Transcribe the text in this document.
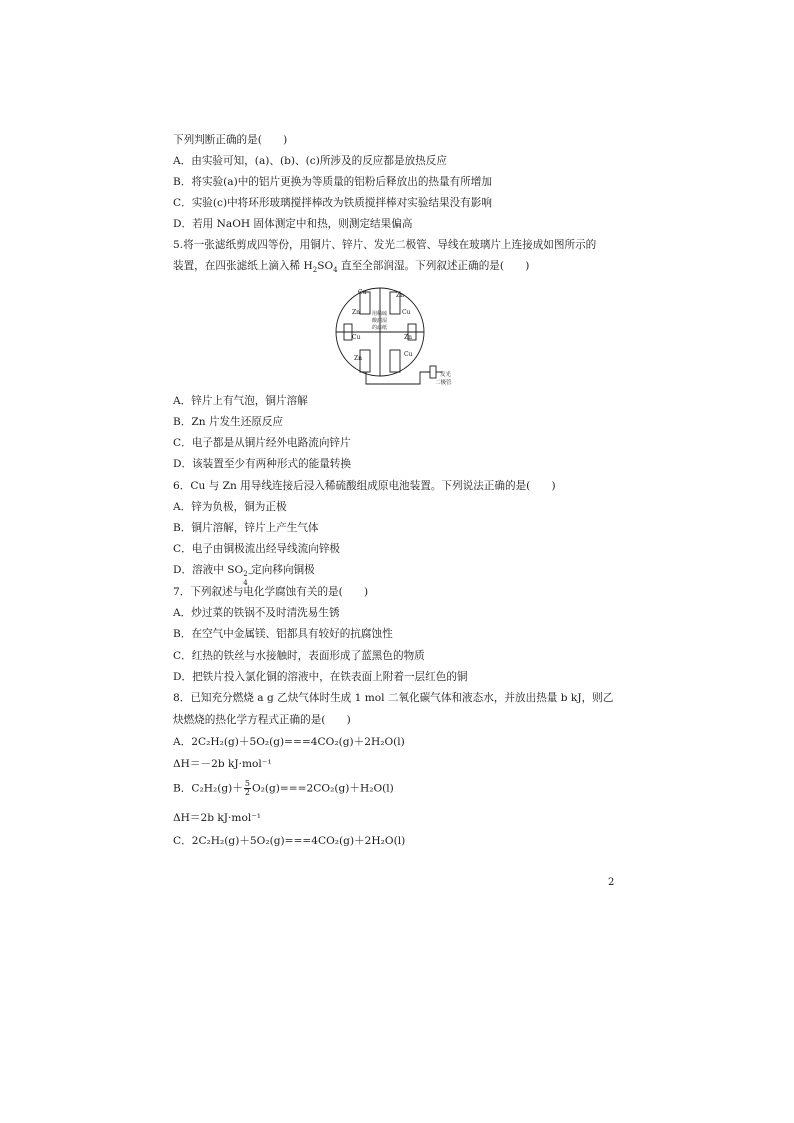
下列判断正确的是(　　)
A．由实验可知，(a)、(b)、(c)所涉及的反应都是放热反应
B．将实验(a)中的铝片更换为等质量的铝粉后释放出的热量有所增加
C．实验(c)中将环形玻璃搅拌棒改为铁质搅拌棒对实验结果没有影响
D．若用 NaOH 固体测定中和热，则测定结果偏高
5.将一张滤纸剪成四等份，用铜片、锌片、发光二极管、导线在玻璃片上连接成如图所示的
装置，在四张滤纸上滴入稀 $H_2SO_4$ 直至全部润湿。下列叙述正确的是(　　)
Cu	Zn
Zn	Cu
Cu	Zn
Zn
Cu
用稀硫
酸润湿
的滤纸
发光
二极管
A．锌片上有气泡，铜片溶解
B．Zn 片发生还原反应
C．电子都是从铜片经外电路流向锌片
D．该装置至少有两种形式的能量转换
6．Cu 与 Zn 用导线连接后浸入稀硫酸组成原电池装置。下列说法正确的是(　　)
A．锌为负极，铜为正极
B．铜片溶解，锌片上产生气体
C．电子由铜极流出经导线流向锌极
D．溶液中 SO 2−
4
定向移向铜极
7．下列叙述与电化学腐蚀有关的是(　　)
A．炒过菜的铁锅不及时清洗易生锈
B．在空气中金属镁、铝都具有较好的抗腐蚀性
C．红热的铁丝与水接触时，表面形成了蓝黑色的物质
D．把铁片投入氯化铜的溶液中，在铁表面上附着一层红色的铜
8．已知充分燃烧 a g 乙炔气体时生成 1 mol 二氧化碳气体和液态水，并放出热量 b kJ，则乙
炔燃烧的热化学方程式正确的是(　　)
A．2C₂H₂(g)＋5O₂(g)===4CO₂(g)＋2H₂O(l)
ΔH＝－2b kJ·mol⁻¹
B．$C_2H_2(g)+ \frac{5}{2} O_2(g)===2CO_2(g)+H_2O(l)$
ΔH＝2b kJ·mol⁻¹
C．2C₂H₂(g)＋5O₂(g)===4CO₂(g)＋2H₂O(l)
2
